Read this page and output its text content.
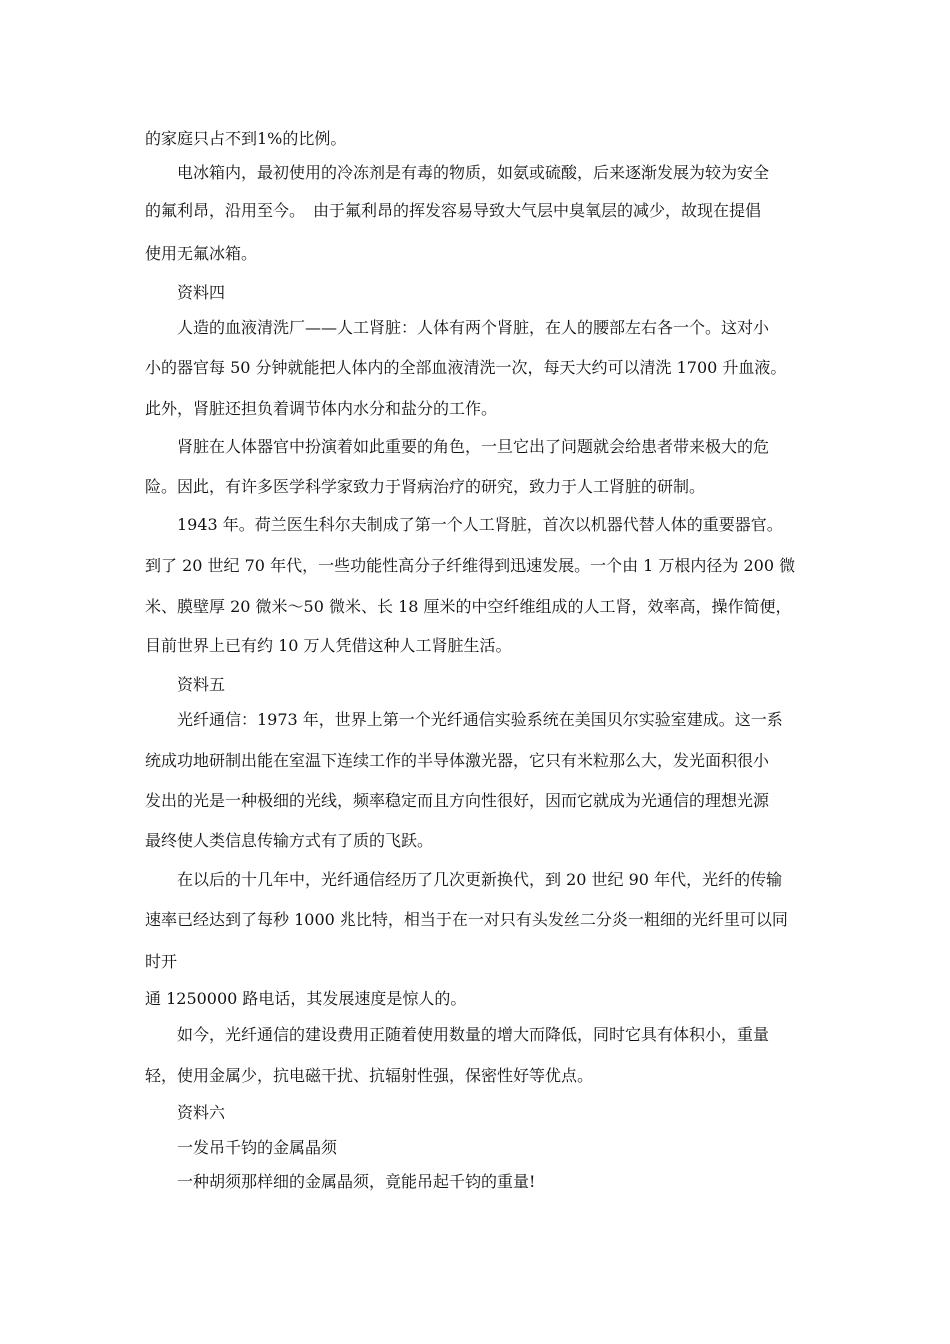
的家庭只占不到1%的比例。
电冰箱内，最初使用的冷冻剂是有毒的物质，如氨或硫酸，后来逐渐发展为较为安全
的氟利昂，沿用至今。　由于氟利昂的挥发容易导致大气层中臭氧层的减少，故现在提倡
使用无氟冰箱。
资料四
人造的血液清洗厂——人工肾脏：人体有两个肾脏，在人的腰部左右各一个。这对小
小的器官每 50 分钟就能把人体内的全部血液清洗一次，每天大约可以清洗 1700 升血液。
此外，肾脏还担负着调节体内水分和盐分的工作。
肾脏在人体器官中扮演着如此重要的角色，一旦它出了问题就会给患者带来极大的危
险。因此，有许多医学科学家致力于肾病治疗的研究，致力于人工肾脏的研制。
1943 年。荷兰医生科尔夫制成了第一个人工肾脏，首次以机器代替人体的重要器官。
到了 20 世纪 70 年代，一些功能性高分子纤维得到迅速发展。一个由 1 万根内径为 200 微
米、膜壁厚 20 微米～50 微米、长 18 厘米的中空纤维组成的人工肾，效率高，操作简便，
目前世界上已有约 10 万人凭借这种人工肾脏生活。
资料五
光纤通信：1973 年，世界上第一个光纤通信实验系统在美国贝尔实验室建成。这一系
统成功地研制出能在室温下连续工作的半导体激光器，它只有米粒那么大，发光面积很小
发出的光是一种极细的光线，频率稳定而且方向性很好，因而它就成为光通信的理想光源
最终使人类信息传输方式有了质的飞跃。
在以后的十几年中，光纤通信经历了几次更新换代，到 20 世纪 90 年代，光纤的传输
速率已经达到了每秒 1000 兆比特，相当于在一对只有头发丝二分炎一粗细的光纤里可以同
时开
通 1250000 路电话，其发展速度是惊人的。
如今，光纤通信的建设费用正随着使用数量的增大而降低，同时它具有体积小，重量
轻，使用金属少，抗电磁干扰、抗辐射性强，保密性好等优点。
资料六
一发吊千钧的金属晶须
一种胡须那样细的金属晶须，竟能吊起千钧的重量!
